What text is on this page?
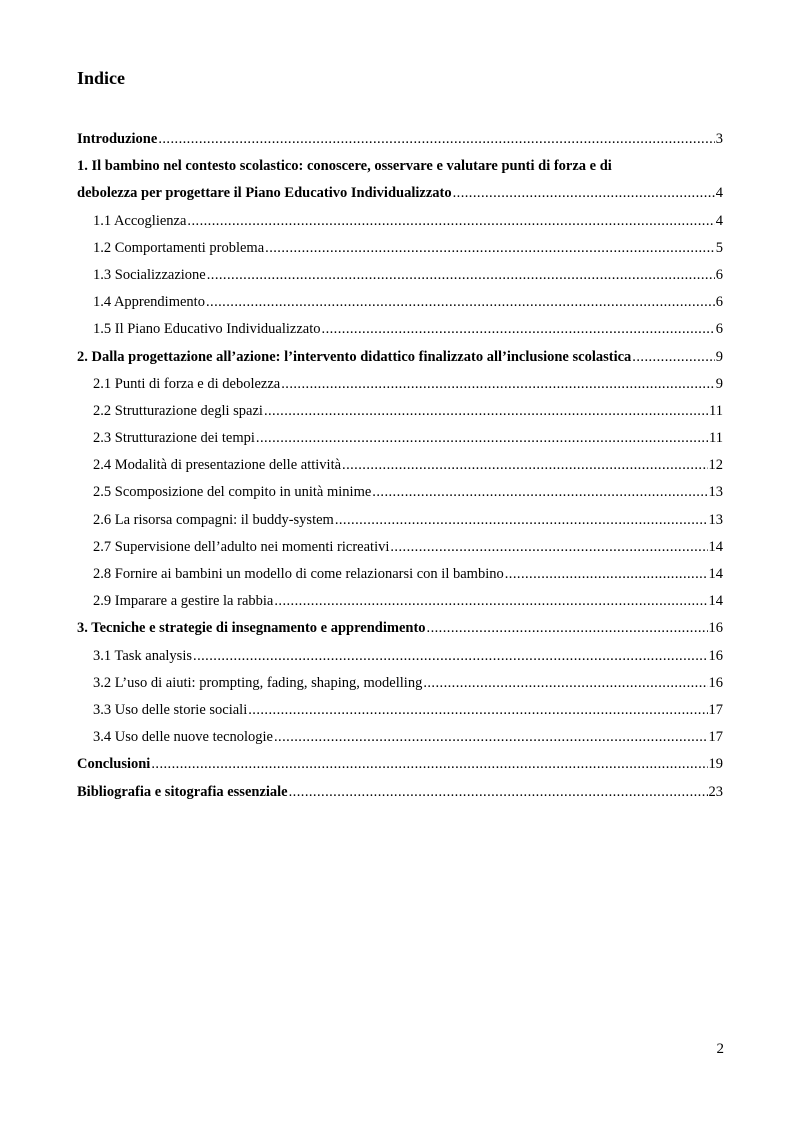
Indice
Introduzione . . .	3
1. Il bambino nel contesto scolastico: conoscere, osservare e valutare punti di forza e di
debolezza per progettare il Piano Educativo Individualizzato . . .	4
1.1 Accoglienza . . .	4
1.2 Comportamenti problema . . .	5
1.3 Socializzazione . . .	6
1.4 Apprendimento . . .	6
1.5 Il Piano Educativo Individualizzato . . .	6
2. Dalla progettazione all’azione: l’intervento didattico finalizzato all’inclusione scolastica . . .	9
2.1 Punti di forza e di debolezza . . .	9
2.2 Strutturazione degli spazi . . .	11
2.3 Strutturazione dei tempi . . .	11
2.4 Modalità di presentazione delle attività . . .	12
2.5 Scomposizione del compito in unità minime . . .	13
2.6 La risorsa compagni: il buddy-system . . .	13
2.7 Supervisione dell’adulto nei momenti ricreativi . . .	14
2.8 Fornire ai bambini un modello di come relazionarsi con il bambino . . .	14
2.9 Imparare a gestire la rabbia . . .	14
3. Tecniche e strategie di insegnamento e apprendimento . . .	16
3.1 Task analysis . . .	16
3.2 L’uso di aiuti: prompting, fading, shaping, modelling . . .	16
3.3 Uso delle storie sociali . . .	17
3.4 Uso delle nuove tecnologie . . .	17
Conclusioni . . .	19
Bibliografia e sitografia essenziale . . .	23
2
